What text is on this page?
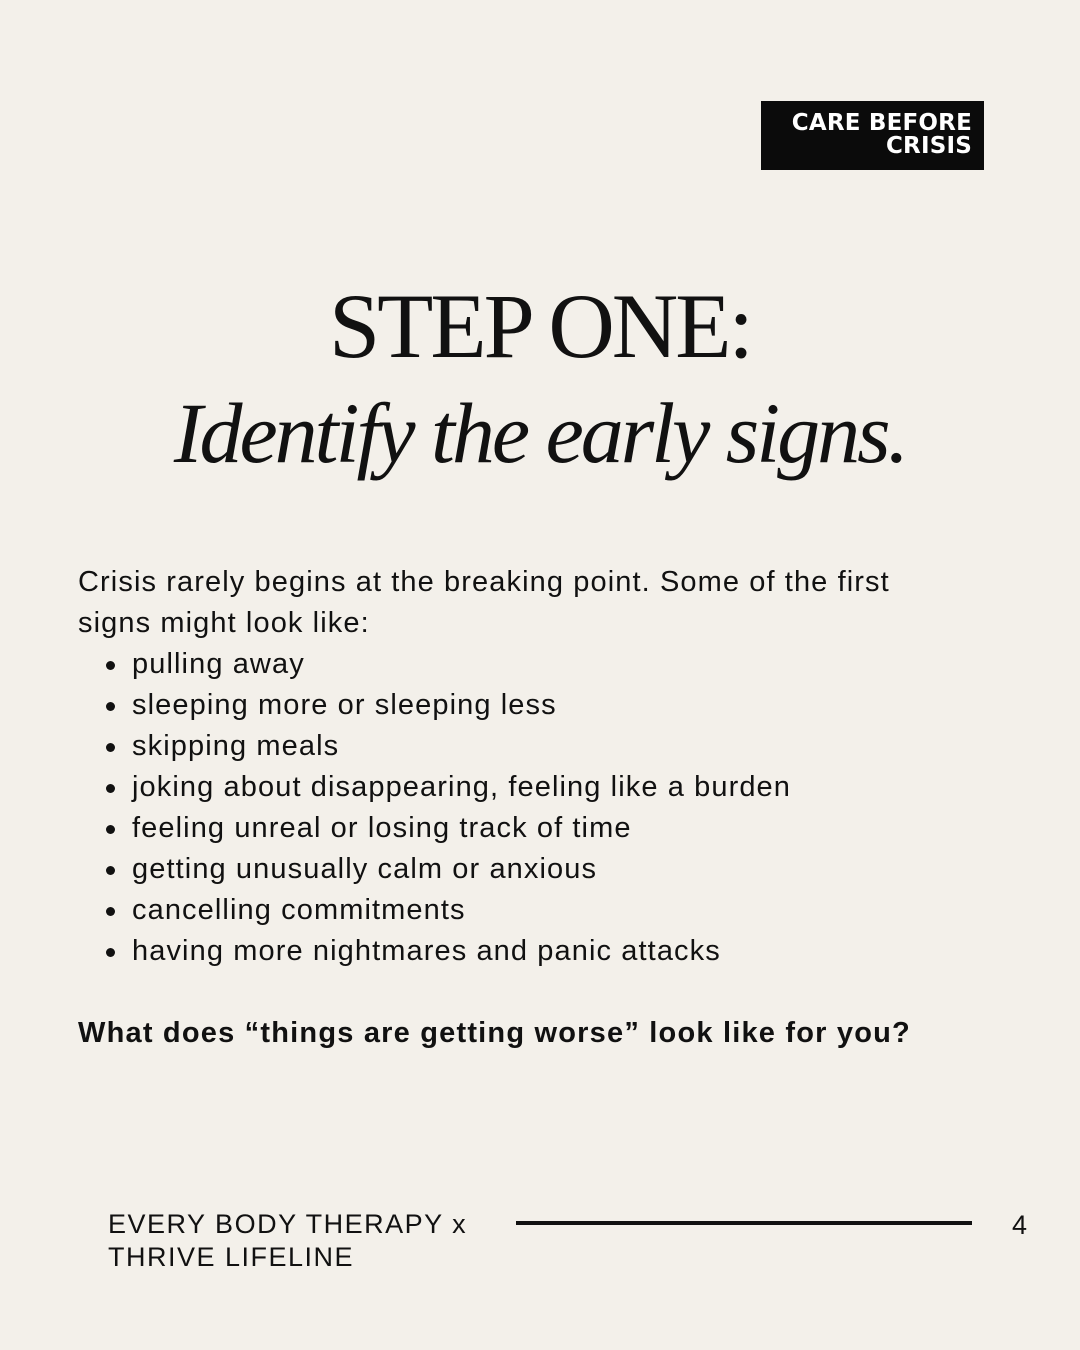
CARE BEFORE
CRISIS
STEP ONE:
Identify the early signs.
Crisis rarely begins at the breaking point. Some of the first
signs might look like:
pulling away
sleeping more or sleeping less
skipping meals
joking about disappearing, feeling like a burden
feeling unreal or losing track of time
getting unusually calm or anxious
cancelling commitments
having more nightmares and panic attacks
What does “things are getting worse” look like for you?
EVERY BODY THERAPY x
THRIVE LIFELINE
4
